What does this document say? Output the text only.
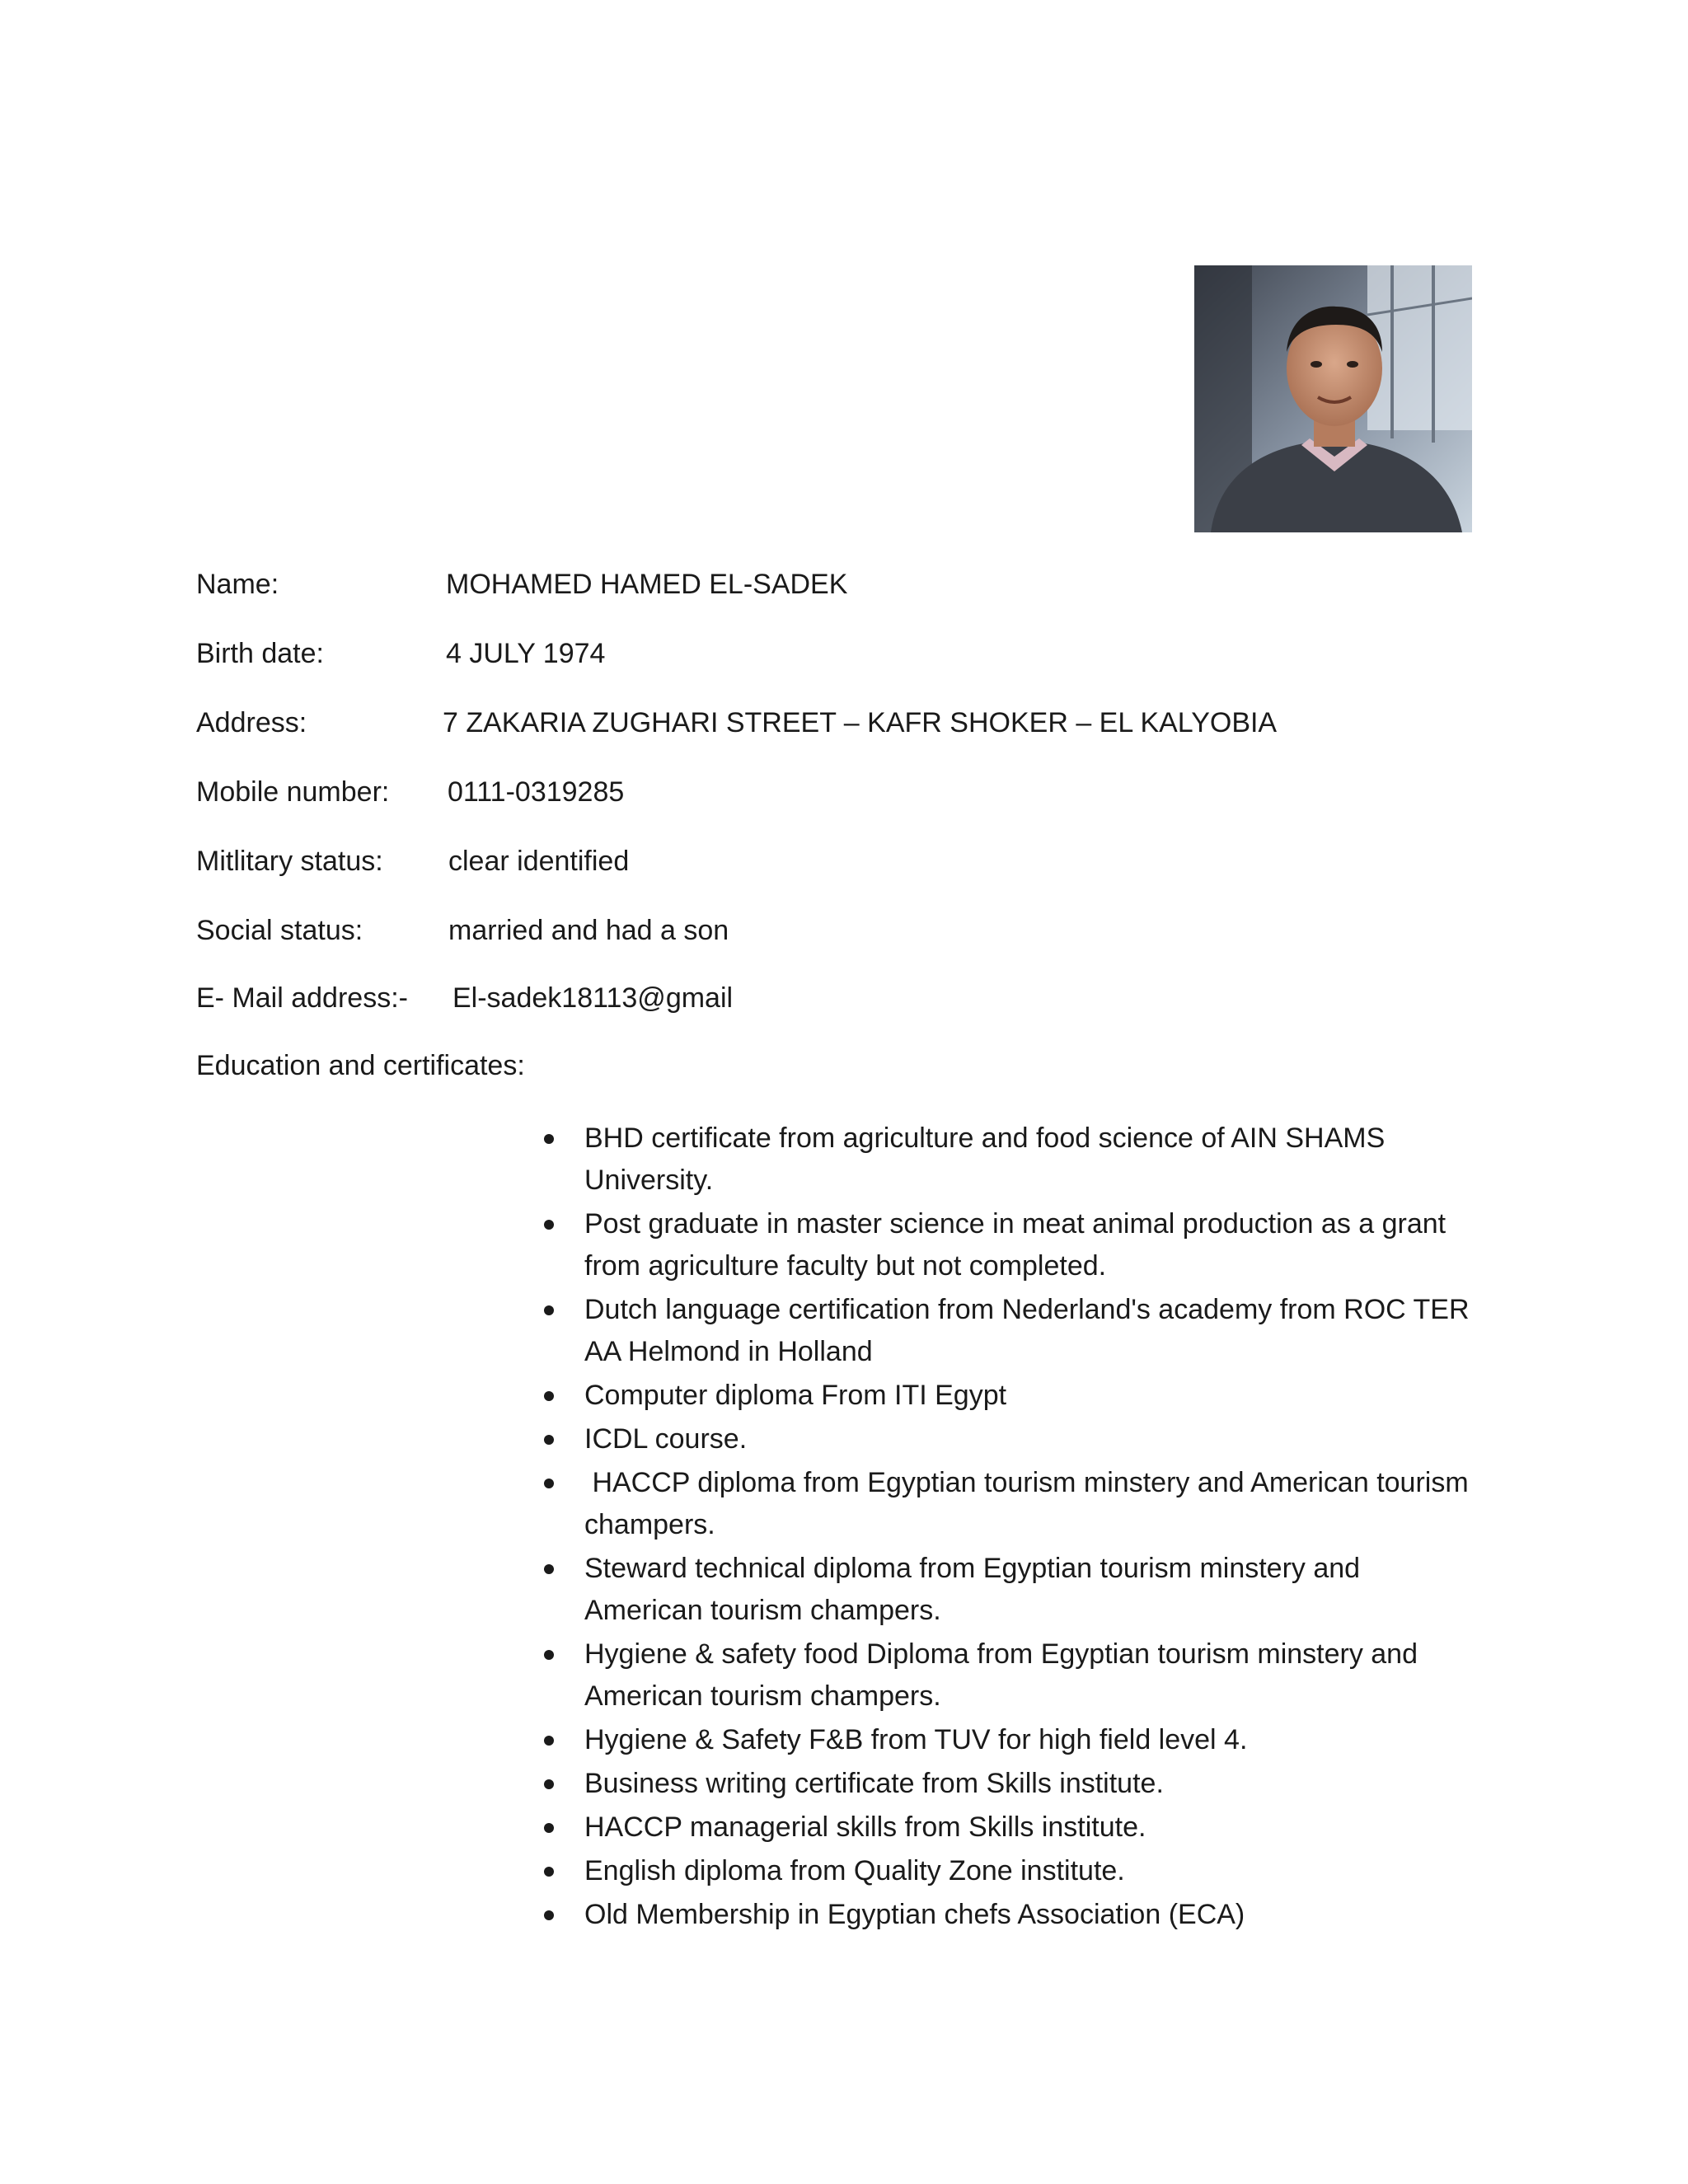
Name:	MOHAMED HAMED EL-SADEK
Birth date:	4 JULY 1974
Address:	7 ZAKARIA ZUGHARI STREET – KAFR SHOKER – EL KALYOBIA
Mobile number: 0111-0319285
Mitlitary status: clear identified
Social status:	married and had a son
E- Mail address:- El-sadek18113@gmail
Education and certificates:
BHD certificate from agriculture and food science of AIN SHAMS University.
Post graduate in master science in meat animal production as a grant from agriculture faculty but not completed.
Dutch language certification from Nederland's academy from ROC TER AA Helmond in Holland
Computer diploma From ITI Egypt
ICDL course.
HACCP diploma from Egyptian tourism minstery and American tourism champers.
Steward technical diploma from Egyptian tourism minstery and American tourism champers.
Hygiene & safety food Diploma from Egyptian tourism minstery and American tourism champers.
Hygiene & Safety F&B from TUV for high field level 4.
Business writing certificate from Skills institute.
HACCP managerial skills from Skills institute.
English diploma from Quality Zone institute.
Old Membership in Egyptian chefs Association (ECA)
